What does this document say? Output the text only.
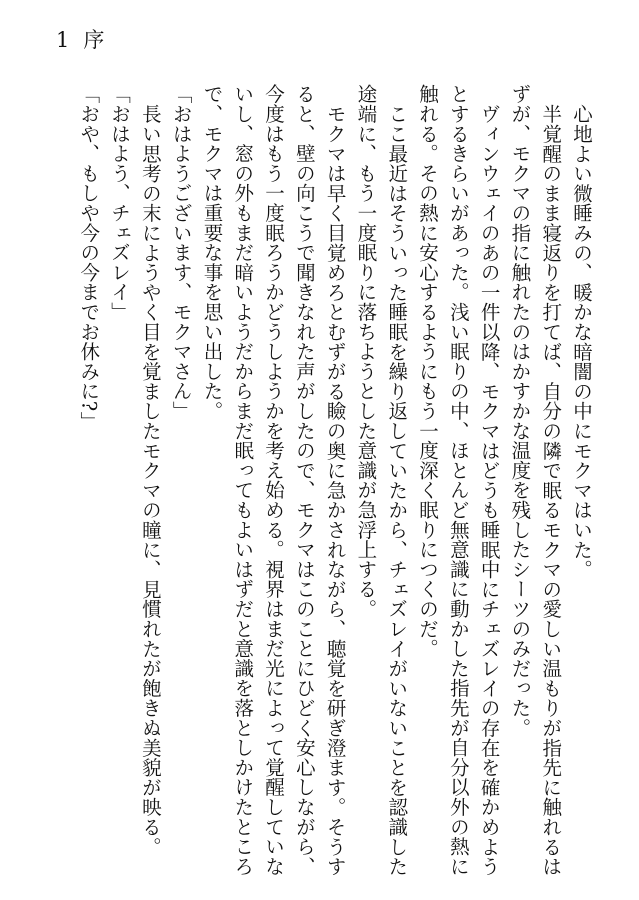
1 序

心地よい微睡みの、暖かな暗闇の中にモクマはいた。

半覚醒のまま寝返りを打てば、自分の隣で眠るモクマの愛しい温もりが指先に触れるは

ずが、モクマの指に触れたのはかすかな温度を残したシーツのみだった。

ヴィンウェイのあの一件以降、モクマはどうも睡眠中にチェズレイの存在を確かめよう

とするきらいがあった。浅い眠りの中、ほとんど無意識に動かした指先が自分以外の熱に

触れる。その熱に安心するようにもう一度深く眠りにつくのだ。

ここ最近はそういった睡眠を繰り返していたから、チェズレイがいないことを認識した

途端に、もう一度眠りに落ちようとした意識が急浮上する。

モクマは早く目覚めろとむずがる瞼の奥に急かされながら、聴覚を研ぎ澄ます。そうす

ると、壁の向こうで聞きなれた声がしたので、モクマはこのことにひどく安心しながら、

今度はもう一度眠ろうかどうしようかを考え始める。視界はまだ光によって覚醒していな

いし、窓の外もまだ暗いようだからまだ眠ってもよいはずだと意識を落としかけたところ

で、モクマは重要な事を思い出した。

「おはようございます、モクマさん」

長い思考の末にようやく目を覚ましたモクマの瞳に、見慣れたが飽きぬ美貌が映る。

「おはよう、チェズレイ」

「おや、もしや今の今までお休みに?」
